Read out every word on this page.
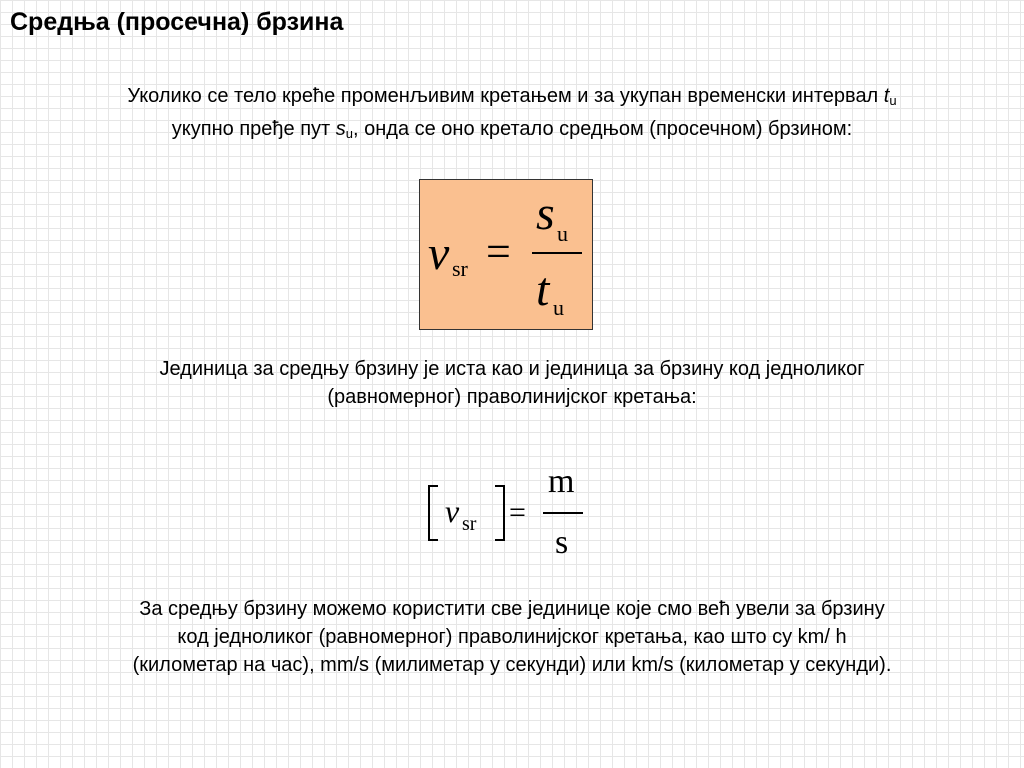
Средња (просечна) брзина
Уколико се тело креће променљивим кретањем и за укупан временски интервал $t_u$
укупно пређе пут $s_u$, онда се оно кретало средњом (просечном) брзином:
v sr =
s u
t u
Јединица за средњу брзину је иста као и јединица за брзину код једноликог
(равномерног) праволинијског кретања:
v sr =
m
s
За средњу брзину можемо користити све јединице које смо већ увели за брзину
код једноликог (равномерног) праволинијског кретања, као што су km/ h
(километар на час), mm/s (милиметар у секунди) или km/s (километар у секунди).
